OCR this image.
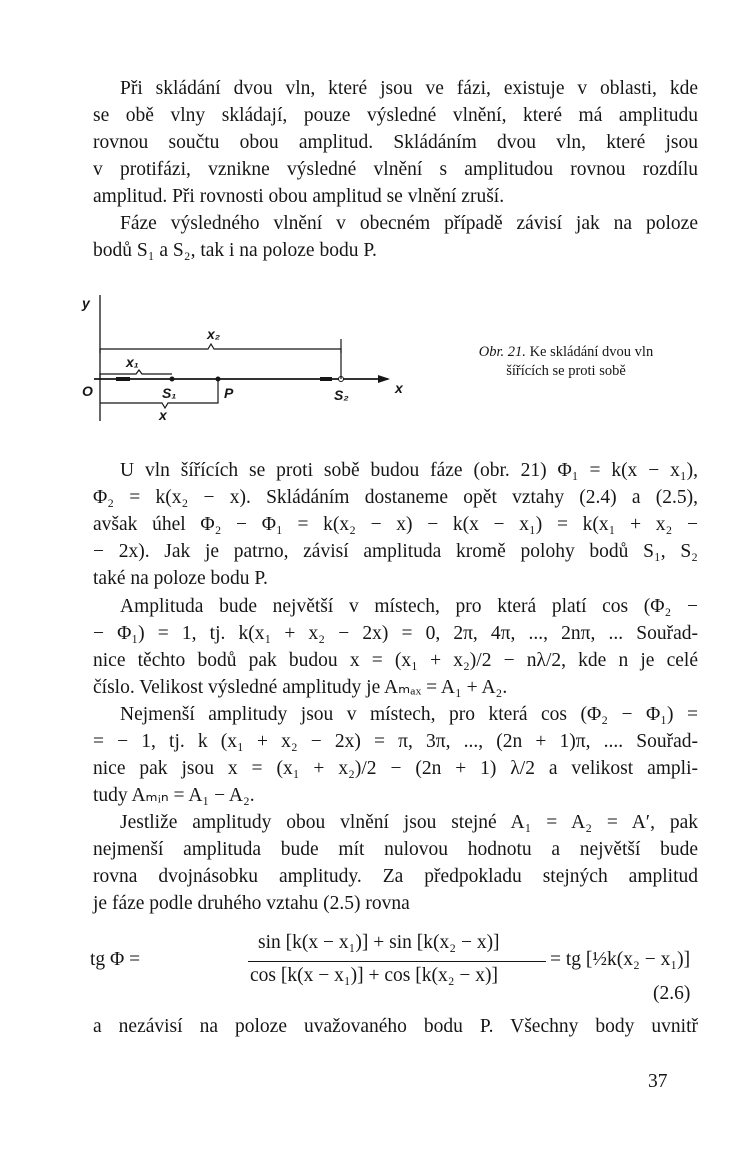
Při skládání dvou vln, které jsou ve fázi, existuje v oblasti, kde
se obě vlny skládají, pouze výsledné vlnění, které má amplitudu
rovnou součtu obou amplitud. Skládáním dvou vln, které jsou
v protifázi, vznikne výsledné vlnění s amplitudou rovnou rozdílu
amplitud. Při rovnosti obou amplitud se vlnění zruší.
Fáze výsledného vlnění v obecném případě závisí jak na poloze
bodů S₁ a S₂, tak i na poloze bodu P.
y
O	S₁	P	S₂	x
x₂
x₁
x
Obr. 21. Ke skládání dvou vln
šířících se proti sobě
U vln šířících se proti sobě budou fáze (obr. 21) Φ₁ = k(x − x₁),
Φ₂ = k(x₂ − x). Skládáním dostaneme opět vztahy (2.4) a (2.5),
avšak úhel Φ₂ − Φ₁ = k(x₂ − x) − k(x − x₁) = k(x₁ + x₂ −
− 2x). Jak je patrno, závisí amplituda kromě polohy bodů S₁, S₂
také na poloze bodu P.
Amplituda bude největší v místech, pro která platí cos (Φ₂ −
− Φ₁) = 1, tj. k(x₁ + x₂ − 2x) = 0, 2π, 4π, ..., 2nπ, ... Souřad-
nice těchto bodů pak budou x = (x₁ + x₂)/2 − nλ/2, kde n je celé
číslo. Velikost výsledné amplitudy je Aₘₐₓ = A₁ + A₂.
Nejmenší amplitudy jsou v místech, pro která cos (Φ₂ − Φ₁) =
= − 1, tj. k (x₁ + x₂ − 2x) = π, 3π, ..., (2n + 1)π, .... Souřad-
nice pak jsou x = (x₁ + x₂)/2 − (2n + 1) λ/2 a velikost ampli-
tudy Aₘᵢₙ = A₁ − A₂.
Jestliže amplitudy obou vlnění jsou stejné A₁ = A₂ = A′, pak
nejmenší amplituda bude mít nulovou hodnotu a největší bude
rovna dvojnásobku amplitudy. Za předpokladu stejných amplitud
je fáze podle druhého vztahu (2.5) rovna
tg Φ =
sin [k(x − x₁)] + sin [k(x₂ − x)]
cos [k(x − x₁)] + cos [k(x₂ − x)]
= tg [½k(x₂ − x₁)]
(2.6)
a nezávisí na poloze uvažovaného bodu P. Všechny body uvnitř
37
